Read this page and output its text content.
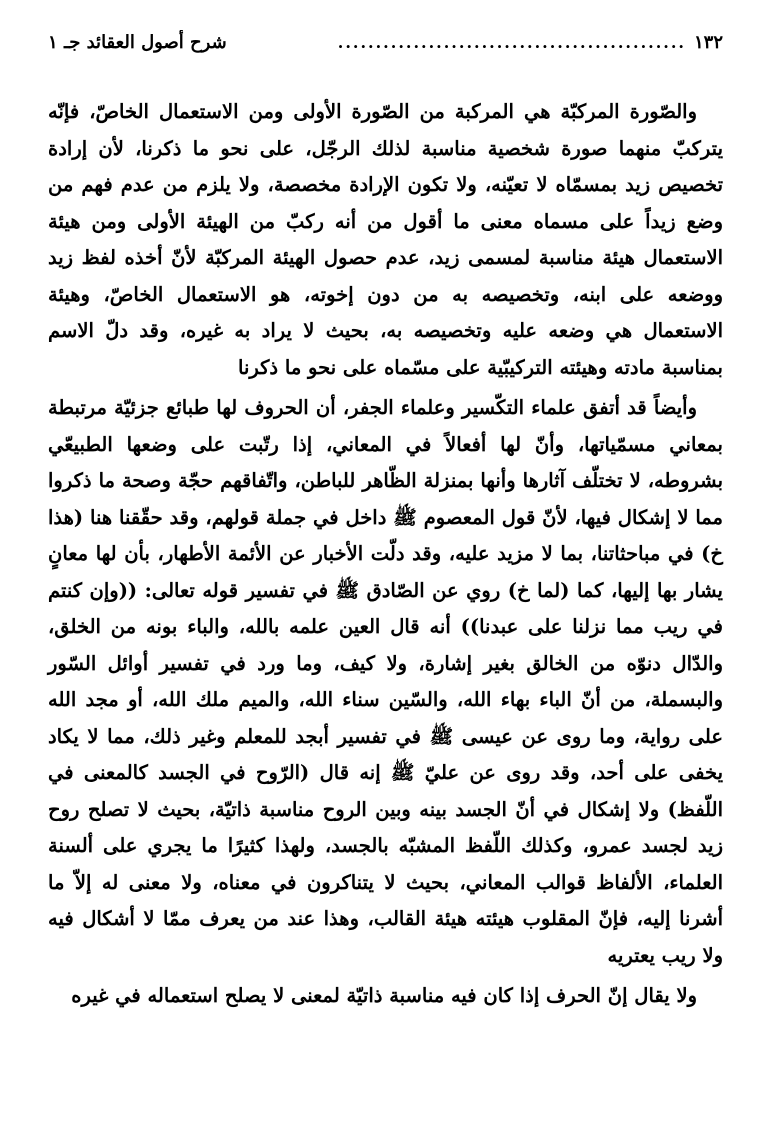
١٣٢
..............................................
شرح أصول العقائد جـ ١

والصّورة المركبّة هي المركبة من الصّورة الأولى ومن الاستعمال الخاصّ، فإنّه يتركبّ منهما صورة شخصية مناسبة لذلك الرجّل، على نحو ما ذكرنا، لأن إرادة تخصيص زيد بمسمّاه لا تعيّنه، ولا تكون الإرادة مخصصة، ولا يلزم من عدم فهم من وضع زيداً على مسماه معنى ما أقول من أنه ركبّ من الهيئة الأولى ومن هيئة الاستعمال هيئة مناسبة لمسمى زيد، عدم حصول الهيئة المركبّة لأنّ أخذه لفظ زيد ووضعه على ابنه، وتخصيصه به من دون إخوته، هو الاستعمال الخاصّ، وهيئة الاستعمال هي وضعه عليه وتخصيصه به، بحيث لا يراد به غيره، وقد دلّ الاسم بمناسبة مادته وهيئته التركيبّية على مسّماه على نحو ما ذكرنا

وأيضاً قد أتفق علماء التكّسير وعلماء الجفر، أن الحروف لها طبائع جزئيّة مرتبطة بمعاني مسمّياتها، وأنّ لها أفعالاً في المعاني، إذا رتّبت على وضعها الطبيعّي بشروطه، لا تختلّف آثارها وأنها بمنزلة الظّاهر للباطن، واتّفاقهم حجّة وصحة ما ذكروا مما لا إشكال فيها، لأنّ قول المعصوم ﷺ داخل في جملة قولهم، وقد حقّقنا هنا (هذا خ) في مباحثاتنا، بما لا مزيد عليه، وقد دلّت الأخبار عن الأئمة الأطهار، بأن لها معانٍ يشار بها إليها، كما (لما خ) روي عن الصّادق ﷺ في تفسير قوله تعالى: ((وإن كنتم في ريب مما نزلنا على عبدنا)) أنه قال العين علمه بالله، والباء بونه من الخلق، والدّال دنوّه من الخالق بغير إشارة، ولا كيف، وما ورد في تفسير أوائل السّور والبسملة، من أنّ الباء بهاء الله، والسّين سناء الله، والميم ملك الله، أو مجد الله على رواية، وما روى عن عيسى ﷺ في تفسير أبجد للمعلم وغير ذلك، مما لا يكاد يخفى على أحد، وقد روى عن عليّ ﷺ إنه قال (الرّوح في الجسد كالمعنى في اللّفظ) ولا إشكال في أنّ الجسد بينه وبين الروح مناسبة ذاتيّة، بحيث لا تصلح روح زيد لجسد عمرو، وكذلك اللّفظ المشبّه بالجسد، ولهذا كثيرًا ما يجري على ألسنة العلماء، الألفاظ قوالب المعاني، بحيث لا يتناكرون في معناه، ولا معنى له إلاّ ما أشرنا إليه، فإنّ المقلوب هيئته هيئة القالب، وهذا عند من يعرف ممّا لا أشكال فيه ولا ريب يعتريه

ولا يقال إنّ الحرف إذا كان فيه مناسبة ذاتيّة لمعنى لا يصلح استعماله في غيره
